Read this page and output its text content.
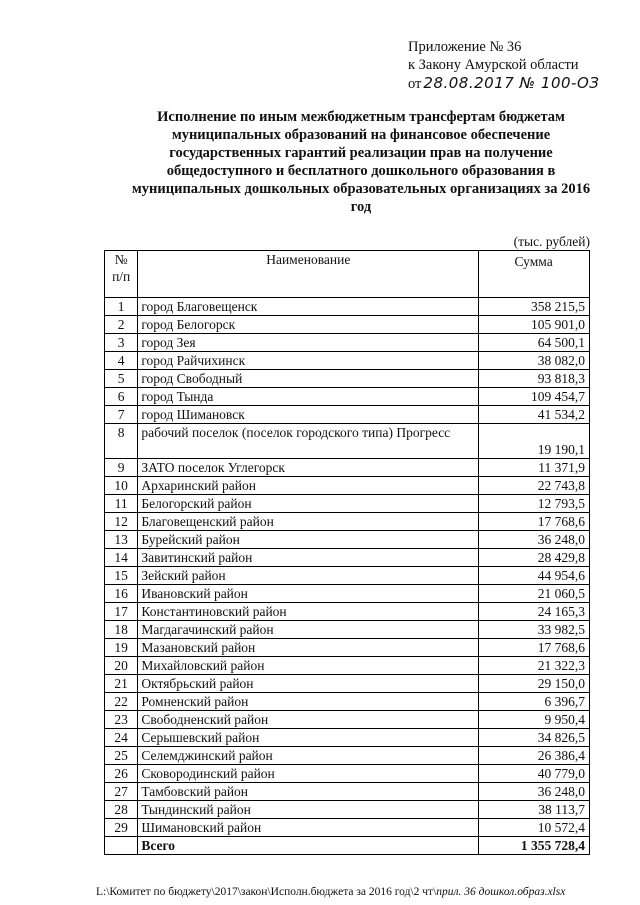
Приложение № 36
к Закону Амурской области
от 28.08.2017 № 100-ОЗ
Исполнение по иным межбюджетным трансфертам бюджетам муниципальных образований на финансовое обеспечение государственных гарантий реализации прав на получение общедоступного и бесплатного дошкольного образования в муниципальных дошкольных образовательных организациях за 2016 год
(тыс. рублей)
№ п/п	Наименование	Сумма
1	город Благовещенск	358 215,5
2	город Белогорск	105 901,0
3	город Зея	64 500,1
4	город Райчихинск	38 082,0
5	город Свободный	93 818,3
6	город Тында	109 454,7
7	город Шимановск	41 534,2
8	рабочий поселок (поселок городского типа) Прогресс	19 190,1
9	ЗАТО поселок Углегорск	11 371,9
10	Архаринский район	22 743,8
11	Белогорский район	12 793,5
12	Благовещенский район	17 768,6
13	Бурейский район	36 248,0
14	Завитинский район	28 429,8
15	Зейский район	44 954,6
16	Ивановский район	21 060,5
17	Константиновский район	24 165,3
18	Магдагачинский район	33 982,5
19	Мазановский район	17 768,6
20	Михайловский район	21 322,3
21	Октябрьский район	29 150,0
22	Ромненский район	6 396,7
23	Свободненский район	9 950,4
24	Серышевский район	34 826,5
25	Селемджинский район	26 386,4
26	Сковородинский район	40 779,0
27	Тамбовский район	36 248,0
28	Тындинский район	38 113,7
29	Шимановский район	10 572,4
	Всего	1 355 728,4
L:\Комитет по бюджету\2017\закон\Исполн.бюджета за 2016 год\2 чт\прил. 36 дошкол.образ.xlsx
